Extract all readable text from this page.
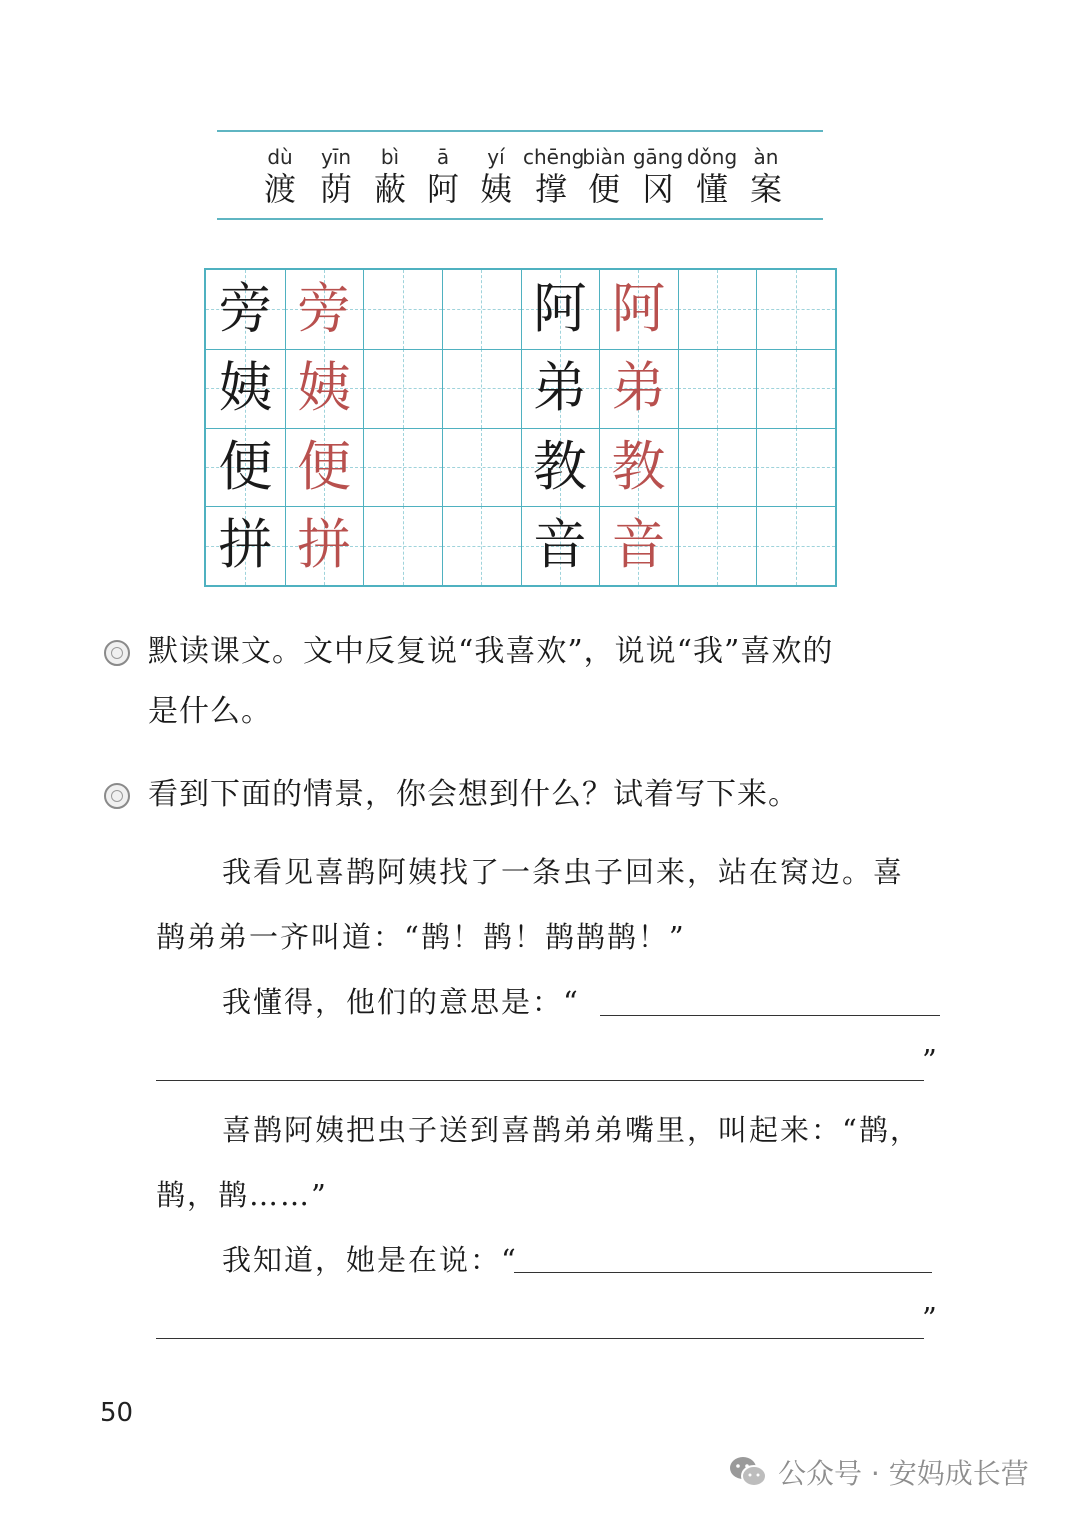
dù
渡
yīn
荫
bì
蔽
ā
阿
yí
姨
chēng
撑
biàn
便
gāng
冈
dǒng
懂
àn
案
旁 旁
姨 姨
便 便
拼 拼
阿 阿
弟 弟
教 教
音 音
默读课文。文中反复说“我喜欢”，说说“我”喜欢的
是什么。
看到下面的情景，你会想到什么？试着写下来。
我看见喜鹊阿姨找了一条虫子回来，站在窝边。喜
鹊弟弟一齐叫道：“鹊！鹊！鹊鹊鹊！”
我懂得，他们的意思是：“
”
喜鹊阿姨把虫子送到喜鹊弟弟嘴里，叫起来：“鹊，
鹊，鹊……”
我知道，她是在说：“
”
50
公众号 · 安妈成长营
